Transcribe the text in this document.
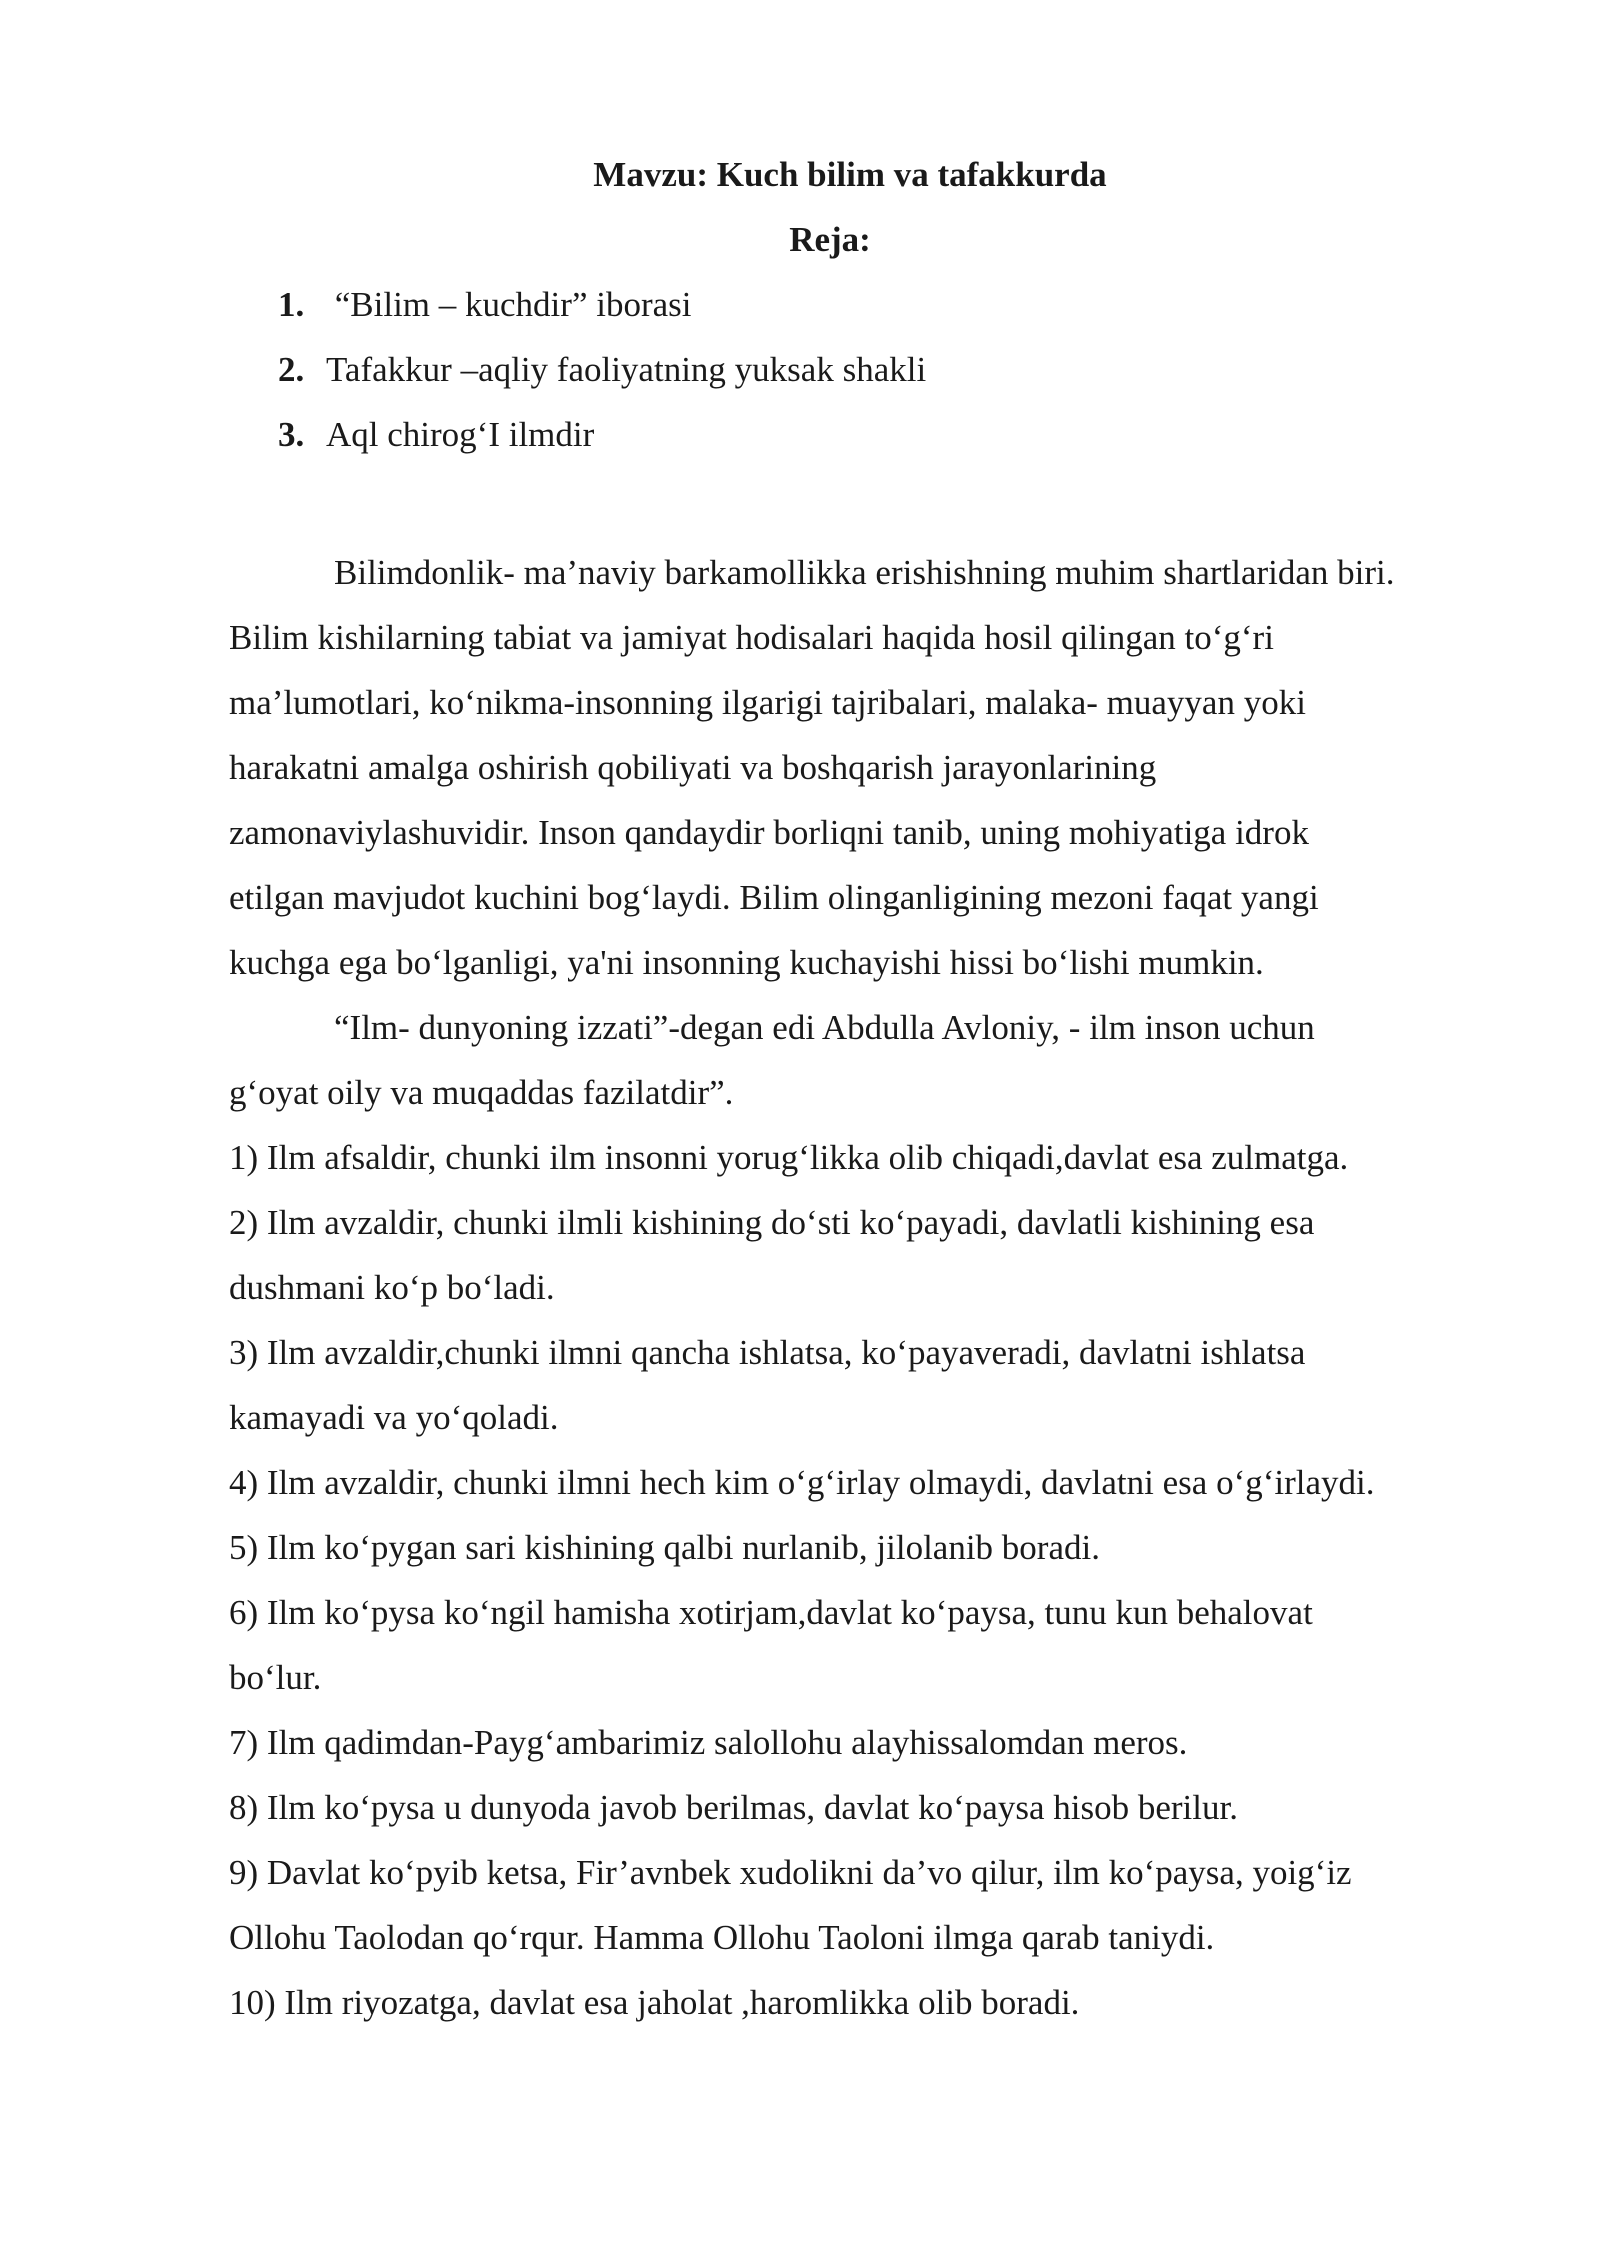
Mavzu: Kuch bilim va tafakkurda
Reja:
1. “Bilim – kuchdir” iborasi
2. Tafakkur –aqliy faoliyatning yuksak shakli
3. Aql chirog‘I ilmdir
Bilimdonlik- ma’naviy barkamollikka erishishning muhim shartlaridan biri.
Bilim kishilarning tabiat va jamiyat hodisalari haqida hosil qilingan to‘g‘ri
ma’lumotlari, ko‘nikma-insonning ilgarigi tajribalari, malaka- muayyan yoki
harakatni amalga oshirish qobiliyati va boshqarish jarayonlarining
zamonaviylashuvidir. Inson qandaydir borliqni tanib, uning mohiyatiga idrok
etilgan mavjudot kuchini bog‘laydi. Bilim olinganligining mezoni faqat yangi
kuchga ega bo‘lganligi, ya'ni insonning kuchayishi hissi bo‘lishi mumkin.
“Ilm- dunyoning izzati”-degan edi Abdulla Avloniy, - ilm inson uchun
g‘oyat oily va muqaddas fazilatdir”.
1) Ilm afsaldir, chunki ilm insonni yorug‘likka olib chiqadi,davlat esa zulmatga.
2) Ilm avzaldir, chunki ilmli kishining do‘sti ko‘payadi, davlatli kishining esa
dushmani ko‘p bo‘ladi.
3) Ilm avzaldir,chunki ilmni qancha ishlatsa, ko‘payaveradi, davlatni ishlatsa
kamayadi va yo‘qoladi.
4) Ilm avzaldir, chunki ilmni hech kim o‘g‘irlay olmaydi, davlatni esa o‘g‘irlaydi.
5) Ilm ko‘pygan sari kishining qalbi nurlanib, jilolanib boradi.
6) Ilm ko‘pysa ko‘ngil hamisha xotirjam,davlat ko‘paysa, tunu kun behalovat
bo‘lur.
7) Ilm qadimdan-Payg‘ambarimiz salollohu alayhissalomdan meros.
8) Ilm ko‘pysa u dunyoda javob berilmas, davlat ko‘paysa hisob berilur.
9) Davlat ko‘pyib ketsa, Fir’avnbek xudolikni da’vo qilur, ilm ko‘paysa, yoig‘iz
Ollohu Taolodan qo‘rqur. Hamma Ollohu Taoloni ilmga qarab taniydi.
10) Ilm riyozatga, davlat esa jaholat ,haromlikka olib boradi.
